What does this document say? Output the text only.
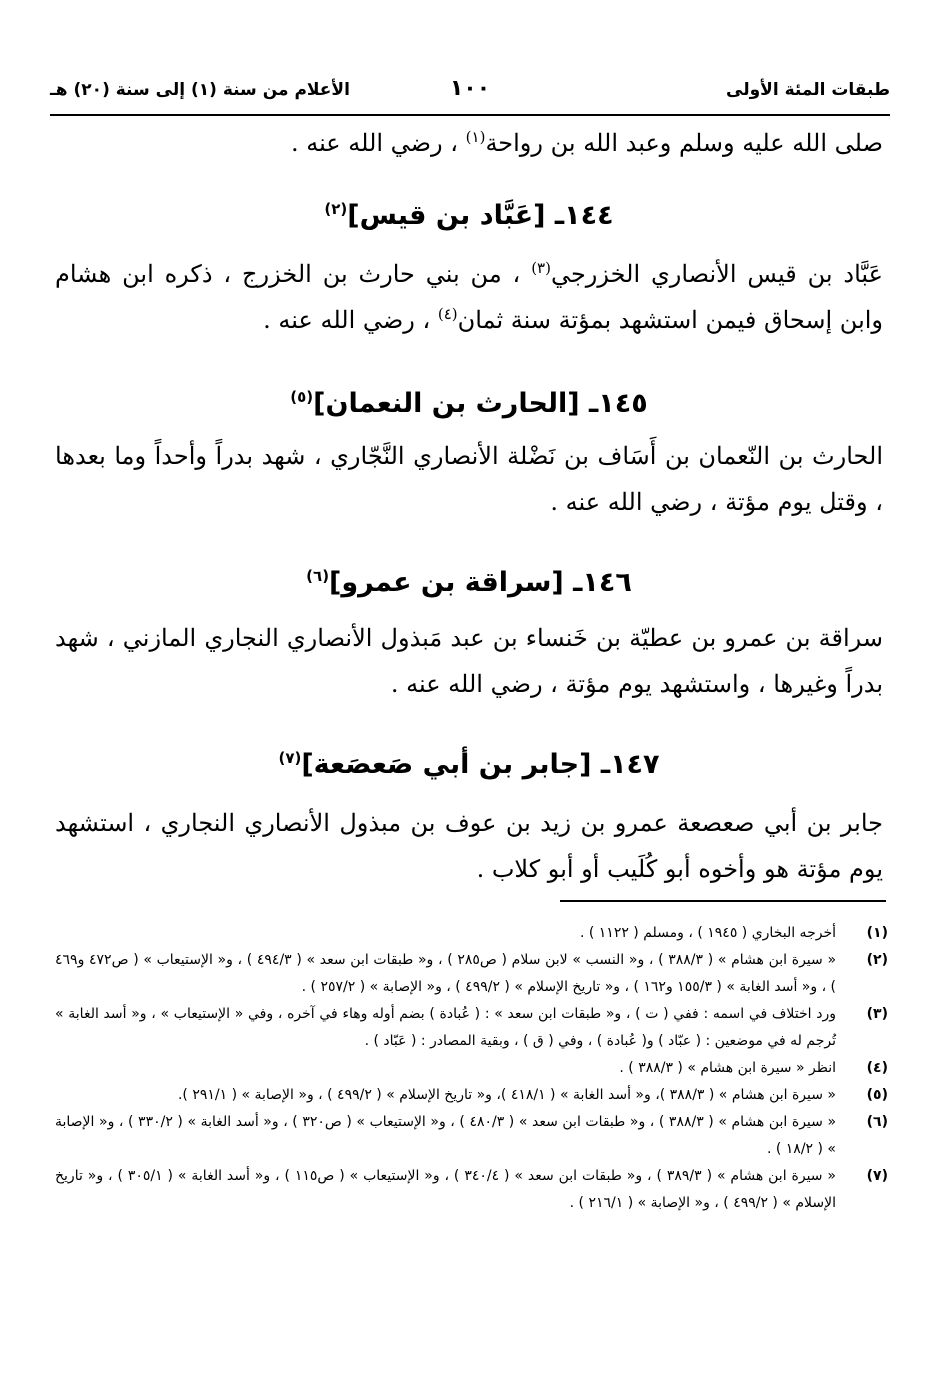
طبقات المئة الأولى
١٠٠
الأعلام من سنة (١) إلى سنة (٢٠) هـ
صلى الله عليه وسلم وعبد الله بن رواحة$^{(١)}$ ، رضي الله عنه .
١٤٤ـ [عَبَّاد بن قيس]$^{(٢)}$
عَبَّاد بن قيس الأنصاري الخزرجي$^{(٣)}$ ، من بني حارث بن الخزرج ، ذكره ابن هشام وابن إسحاق فيمن استشهد بمؤتة سنة ثمان$^{(٤)}$ ، رضي الله عنه .
١٤٥ـ [الحارث بن النعمان]$^{(٥)}$
الحارث بن النّعمان بن أَسَاف بن نَضْلة الأنصاري النَّجّاري ، شهد بدراً وأحداً وما بعدها ، وقتل يوم مؤتة ، رضي الله عنه .
١٤٦ـ [سراقة بن عمرو]$^{(٦)}$
سراقة بن عمرو بن عطيّة بن خَنساء بن عبد مَبذول الأنصاري النجاري المازني ، شهد بدراً وغيرها ، واستشهد يوم مؤتة ، رضي الله عنه .
١٤٧ـ [جابر بن أبي صَعصَعة]$^{(٧)}$
جابر بن أبي صعصعة عمرو بن زيد بن عوف بن مبذول الأنصاري النجاري ، استشهد يوم مؤتة هو وأخوه أبو كُلَيب أو أبو كلاب .
(١)
أخرجه البخاري ( ١٩٤٥ ) ، ومسلم ( ١١٢٢ ) .
(٢)
« سيرة ابن هشام » ( ٣٨٨/٣ ) ، و« النسب » لابن سلام ( ص٢٨٥ ) ، و« طبقات ابن سعد » ( ٤٩٤/٣ ) ، و« الإستيعاب » ( ص٤٧٢ و٤٦٩ ) ، و« أسد الغابة » ( ١٥٥/٣ و١٦٢ ) ، و« تاريخ الإسلام » ( ٤٩٩/٢ ) ، و« الإصابة » ( ٢٥٧/٢ ) .
(٣)
ورد اختلاف في اسمه : ففي ( ت ) ، و« طبقات ابن سعد » : ( عُبادة ) بضم أوله وهاء في آخره ، وفي « الإستيعاب » ، و« أسد الغابة » تُرجم له في موضعين : ( عبّاد ) و( عُبادة ) ، وفي ( ق ) ، وبقية المصادر : ( عَبّاد ) .
(٤)
انظر « سيرة ابن هشام » ( ٣٨٨/٣ ) .
(٥)
« سيرة ابن هشام » ( ٣٨٨/٣ )، و« أسد الغابة » ( ٤١٨/١ )، و« تاريخ الإسلام » ( ٤٩٩/٢ ) ، و« الإصابة » ( ٢٩١/١ ).
(٦)
« سيرة ابن هشام » ( ٣٨٨/٣ ) ، و« طبقات ابن سعد » ( ٤٨٠/٣ ) ، و« الإستيعاب » ( ص٣٢٠ ) ، و« أسد الغابة » ( ٣٣٠/٢ ) ، و« الإصابة » ( ١٨/٢ ) .
(٧)
« سيرة ابن هشام » ( ٣٨٩/٣ ) ، و« طبقات ابن سعد » ( ٣٤٠/٤ ) ، و« الإستيعاب » ( ص١١٥ ) ، و« أسد الغابة » ( ٣٠٥/١ ) ، و« تاريخ الإسلام » ( ٤٩٩/٢ ) ، و« الإصابة » ( ٢١٦/١ ) .
